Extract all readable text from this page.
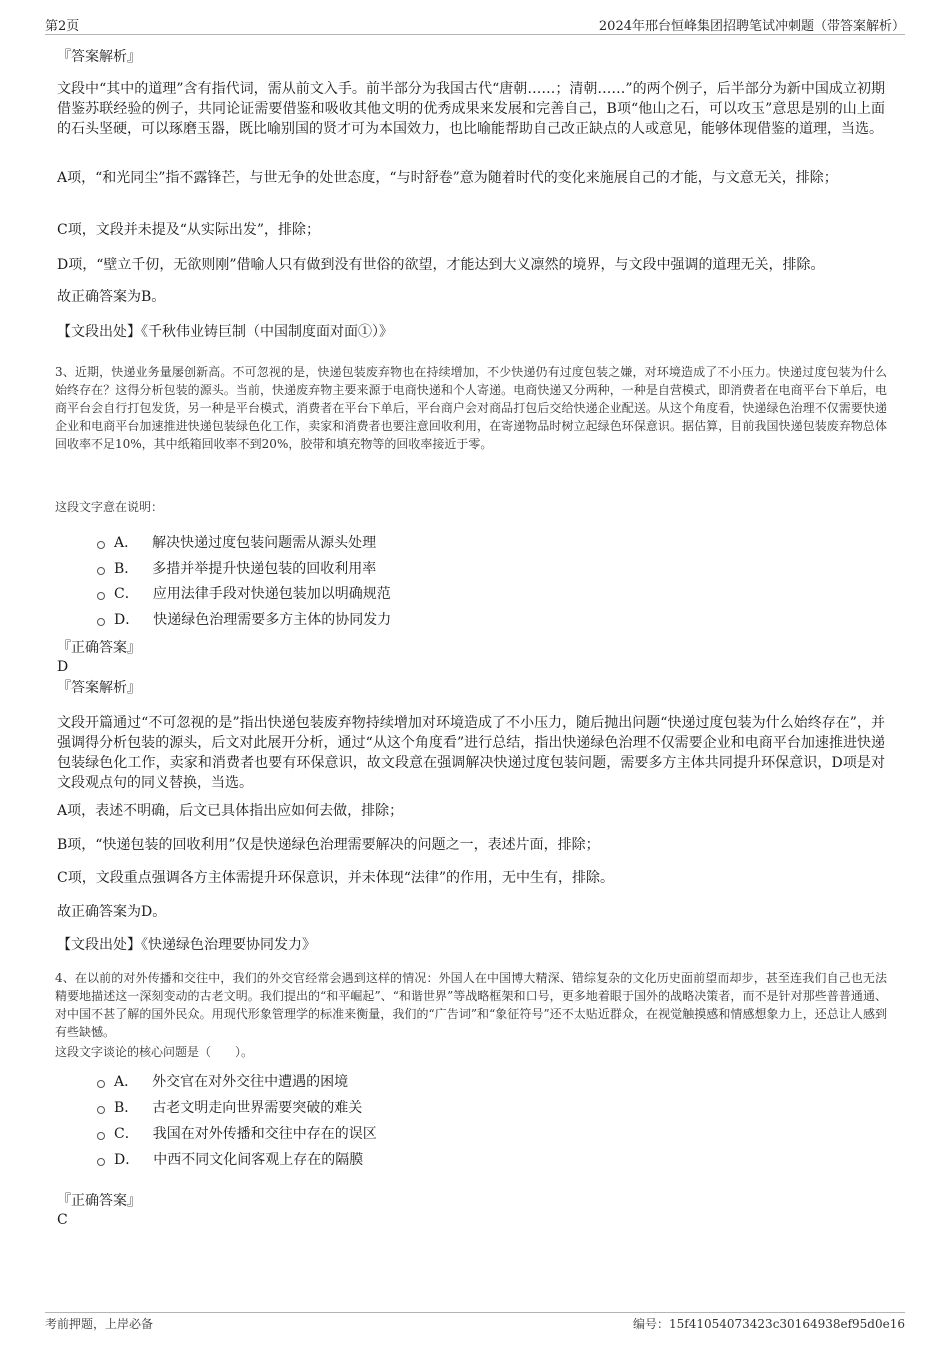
第2页	2024年邢台恒峰集团招聘笔试冲刺题（带答案解析）
『答案解析』
文段中“其中的道理”含有指代词，需从前文入手。前半部分为我国古代“唐朝……；清朝……”的两个例子，后半部分为新中国成立初期借鉴苏联经验的例子，共同论证需要借鉴和吸收其他文明的优秀成果来发展和完善自己，B项“他山之石，可以攻玉”意思是别的山上面的石头坚硬，可以琢磨玉器，既比喻别国的贤才可为本国效力，也比喻能帮助自己改正缺点的人或意见，能够体现借鉴的道理，当选。
A项，“和光同尘”指不露锋芒，与世无争的处世态度，“与时舒卷”意为随着时代的变化来施展自己的才能，与文意无关，排除；
C项，文段并未提及“从实际出发”，排除；
D项，“壁立千仞，无欲则刚”借喻人只有做到没有世俗的欲望，才能达到大义凛然的境界，与文段中强调的道理无关，排除。
故正确答案为B。
【文段出处】《千秋伟业铸巨制（中国制度面对面①）》
3、近期，快递业务量屡创新高。不可忽视的是，快递包装废弃物也在持续增加，不少快递仍有过度包装之嫌，对环境造成了不小压力。快递过度包装为什么始终存在？这得分析包装的源头。当前，快递废弃物主要来源于电商快递和个人寄递。电商快递又分两种，一种是自营模式，即消费者在电商平台下单后，电商平台会自行打包发货，另一种是平台模式，消费者在平台下单后，平台商户会对商品打包后交给快递企业配送。从这个角度看，快递绿色治理不仅需要快递企业和电商平台加速推进快递包装绿色化工作，卖家和消费者也要注意回收利用，在寄递物品时树立起绿色环保意识。据估算，目前我国快递包装废弃物总体回收率不足10%，其中纸箱回收率不到20%，胶带和填充物等的回收率接近于零。
这段文字意在说明：
A． 解决快递过度包装问题需从源头处理
B． 多措并举提升快递包装的回收利用率
C． 应用法律手段对快递包装加以明确规范
D． 快递绿色治理需要多方主体的协同发力
『正确答案』
D
『答案解析』
文段开篇通过“不可忽视的是”指出快递包装废弃物持续增加对环境造成了不小压力，随后抛出问题“快递过度包装为什么始终存在”，并强调得分析包装的源头，后文对此展开分析，通过“从这个角度看”进行总结，指出快递绿色治理不仅需要企业和电商平台加速推进快递包装绿色化工作，卖家和消费者也要有环保意识，故文段意在强调解决快递过度包装问题，需要多方主体共同提升环保意识，D项是对文段观点句的同义替换，当选。
A项，表述不明确，后文已具体指出应如何去做，排除；
B项，“快递包装的回收利用”仅是快递绿色治理需要解决的问题之一，表述片面，排除；
C项，文段重点强调各方主体需提升环保意识，并未体现“法律”的作用，无中生有，排除。
故正确答案为D。
【文段出处】《快递绿色治理要协同发力》
4、在以前的对外传播和交往中，我们的外交官经常会遇到这样的情况：外国人在中国博大精深、错综复杂的文化历史面前望而却步，甚至连我们自己也无法精要地描述这一深刻变动的古老文明。我们提出的“和平崛起”、“和谐世界”等战略框架和口号，更多地着眼于国外的战略决策者，而不是针对那些普普通通、对中国不甚了解的国外民众。用现代形象管理学的标准来衡量，我们的“广告词”和“象征符号”还不太贴近群众，在视觉触摸感和情感想象力上，还总让人感到有些缺憾。
这段文字谈论的核心问题是（　　）。
A． 外交官在对外交往中遭遇的困境
B． 古老文明走向世界需要突破的难关
C． 我国在对外传播和交往中存在的误区
D． 中西不同文化间客观上存在的隔膜
『正确答案』
C
考前押题，上岸必备	编号：15f41054073423c30164938ef95d0e16
